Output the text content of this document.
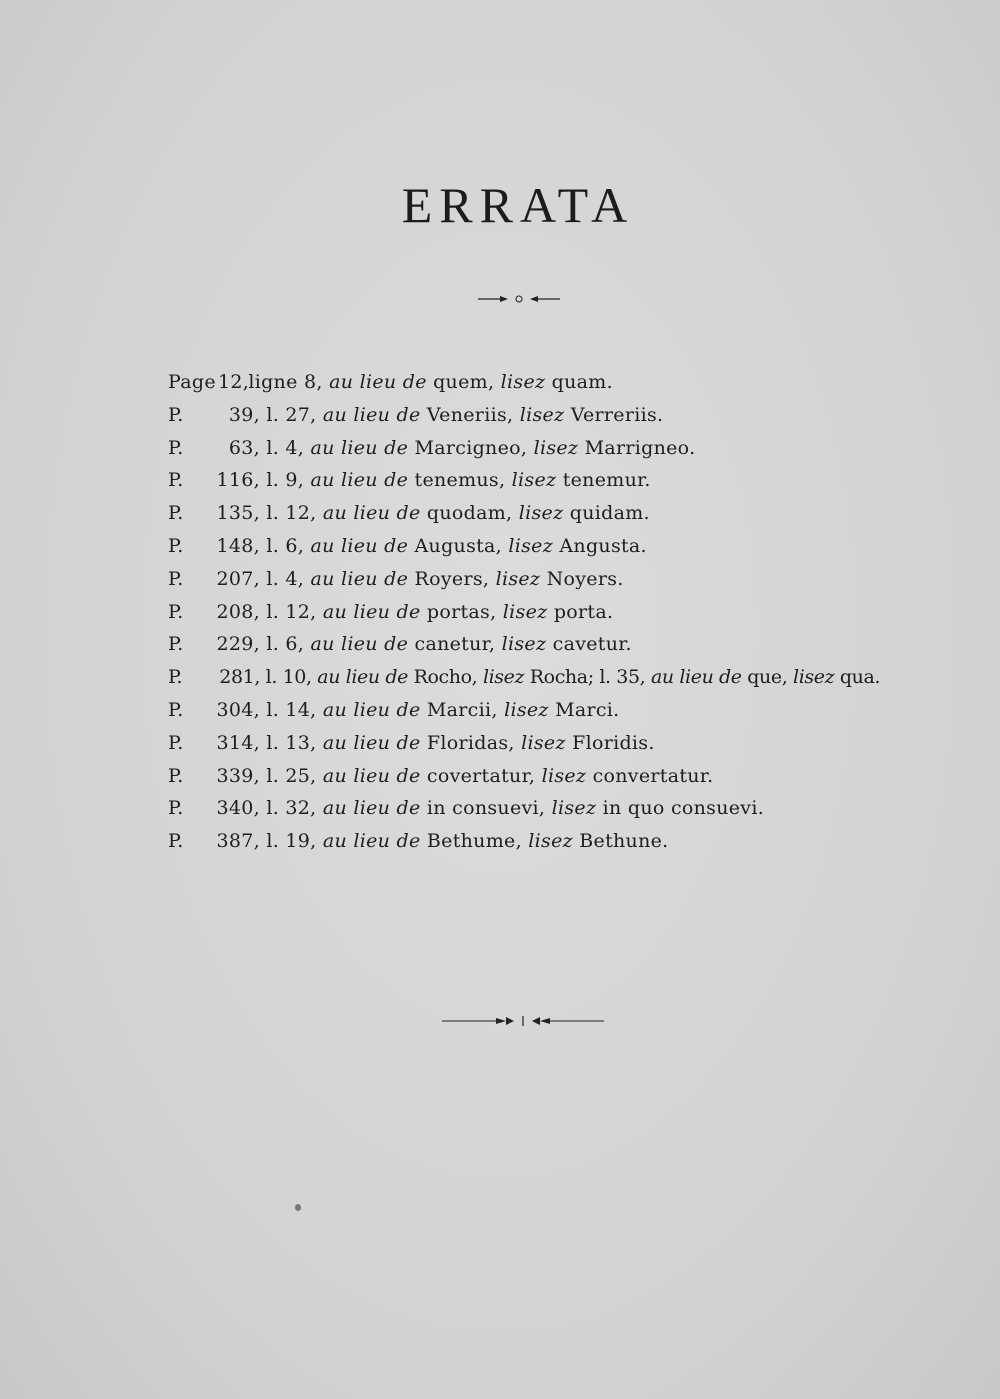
ERRATA
Page 12, ligne 8, au lieu de quem, lisez quam.
P. 39, l. 27, au lieu de Veneriis, lisez Verreriis.
P. 63, l. 4, au lieu de Marcigneo, lisez Marrigneo.
P. 116, l. 9, au lieu de tenemus, lisez tenemur.
P. 135, l. 12, au lieu de quodam, lisez quidam.
P. 148, l. 6, au lieu de Augusta, lisez Angusta.
P. 207, l. 4, au lieu de Royers, lisez Noyers.
P. 208, l. 12, au lieu de portas, lisez porta.
P. 229, l. 6, au lieu de canetur, lisez cavetur.
P. 281, l. 10, au lieu de Rocho, lisez Rocha; l. 35, au lieu de que, lisez qua.
P. 304, l. 14, au lieu de Marcii, lisez Marci.
P. 314, l. 13, au lieu de Floridas, lisez Floridis.
P. 339, l. 25, au lieu de covertatur, lisez convertatur.
P. 340, l. 32, au lieu de in consuevi, lisez in quo consuevi.
P. 387, l. 19, au lieu de Bethume, lisez Bethune.
